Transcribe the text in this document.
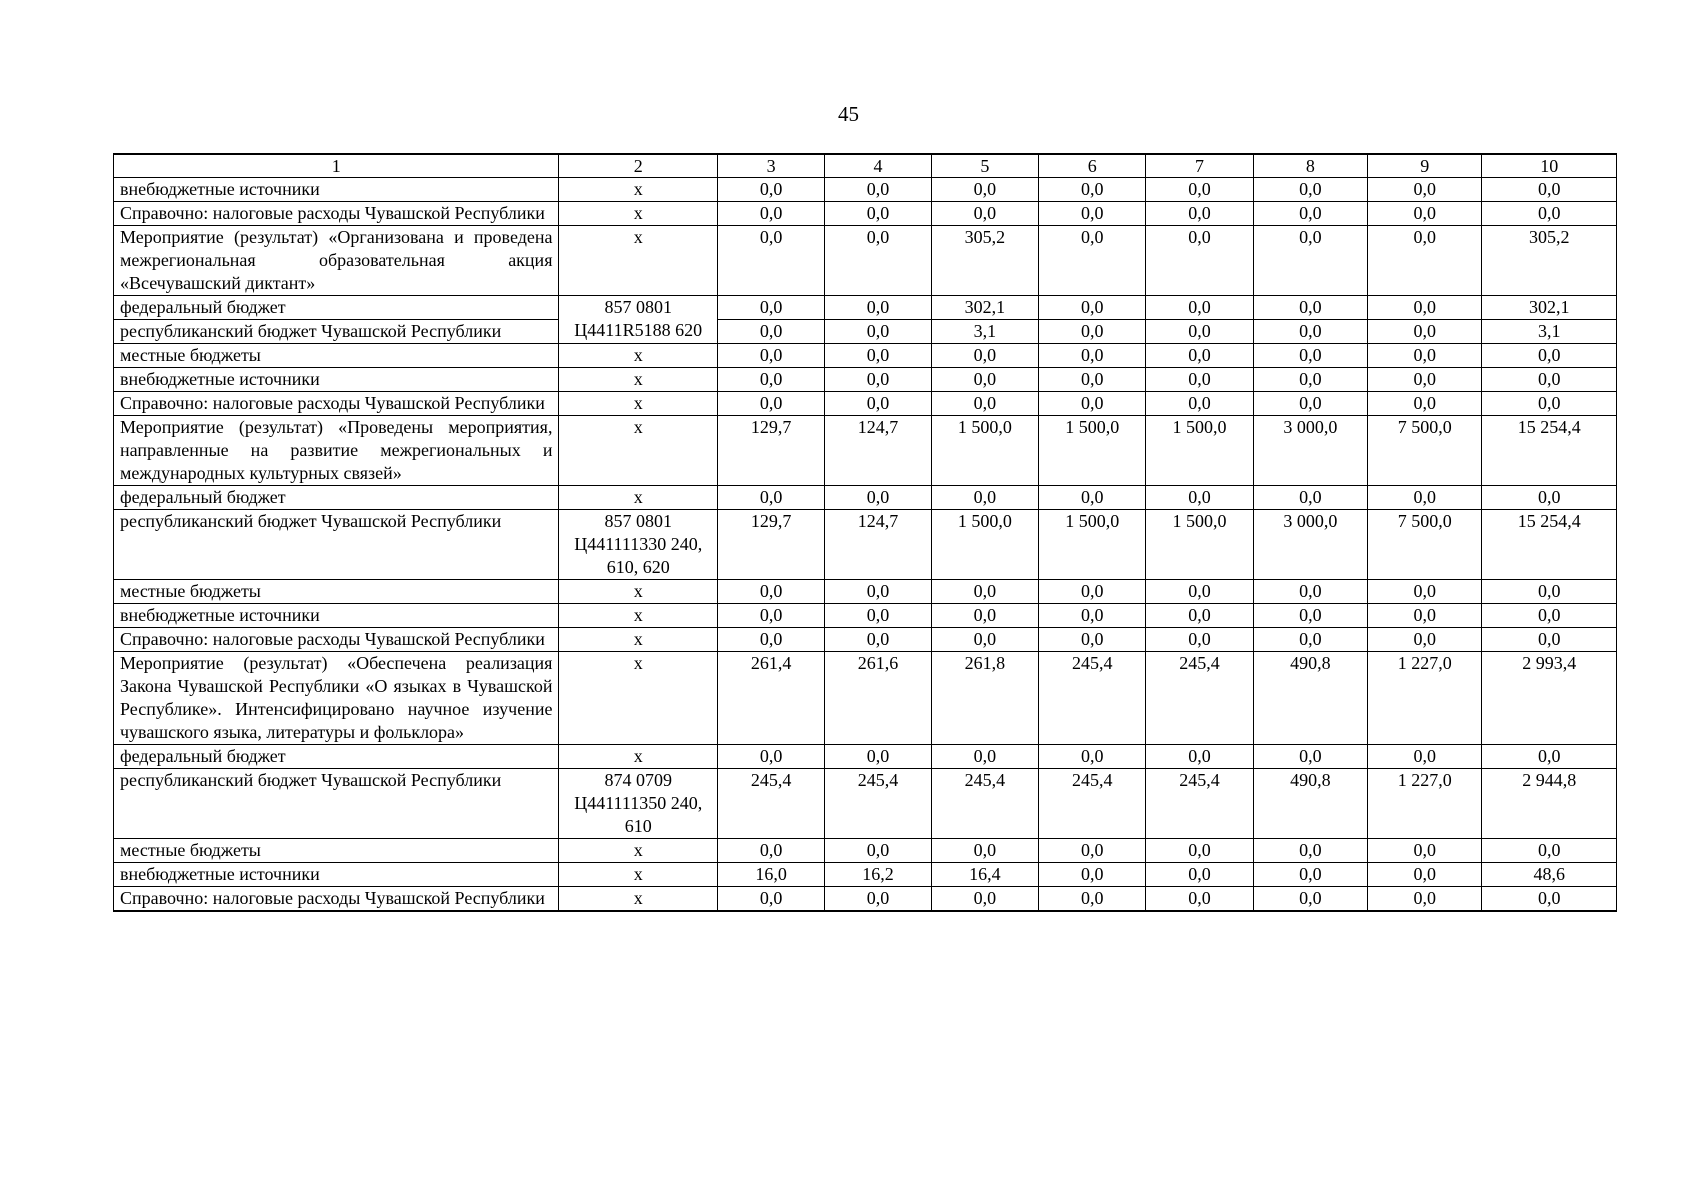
45
1	2	3	4	5	6	7	8	9	10
внебюджетные источники	х	0,0	0,0	0,0	0,0	0,0	0,0	0,0	0,0
Справочно: налоговые расходы Чувашской Республики	х	0,0	0,0	0,0	0,0	0,0	0,0	0,0	0,0
Мероприятие (результат) «Организована и проведена межрегиональная образовательная акция «Всечувашский диктант»	х	0,0	0,0	305,2	0,0	0,0	0,0	0,0	305,2
федеральный бюджет	857 0801 Ц4411R5188 620	0,0	0,0	302,1	0,0	0,0	0,0	0,0	302,1
республиканский бюджет Чувашской Республики		0,0	0,0	3,1	0,0	0,0	0,0	0,0	3,1
местные бюджеты	х	0,0	0,0	0,0	0,0	0,0	0,0	0,0	0,0
внебюджетные источники	х	0,0	0,0	0,0	0,0	0,0	0,0	0,0	0,0
Справочно: налоговые расходы Чувашской Республики	х	0,0	0,0	0,0	0,0	0,0	0,0	0,0	0,0
Мероприятие (результат) «Проведены мероприятия, направленные на развитие межрегиональных и международных культурных связей»	х	129,7	124,7	1 500,0	1 500,0	1 500,0	3 000,0	7 500,0	15 254,4
федеральный бюджет	х	0,0	0,0	0,0	0,0	0,0	0,0	0,0	0,0
республиканский бюджет Чувашской Республики	857 0801 Ц441111330 240, 610, 620	129,7	124,7	1 500,0	1 500,0	1 500,0	3 000,0	7 500,0	15 254,4
местные бюджеты	х	0,0	0,0	0,0	0,0	0,0	0,0	0,0	0,0
внебюджетные источники	х	0,0	0,0	0,0	0,0	0,0	0,0	0,0	0,0
Справочно: налоговые расходы Чувашской Республики	х	0,0	0,0	0,0	0,0	0,0	0,0	0,0	0,0
Мероприятие (результат) «Обеспечена реализация Закона Чувашской Республики «О языках в Чувашской Республике». Интенсифицировано научное изучение чувашского языка, литературы и фольклора»	х	261,4	261,6	261,8	245,4	245,4	490,8	1 227,0	2 993,4
федеральный бюджет	х	0,0	0,0	0,0	0,0	0,0	0,0	0,0	0,0
республиканский бюджет Чувашской Республики	874 0709 Ц441111350 240, 610	245,4	245,4	245,4	245,4	245,4	490,8	1 227,0	2 944,8
местные бюджеты	х	0,0	0,0	0,0	0,0	0,0	0,0	0,0	0,0
внебюджетные источники	х	16,0	16,2	16,4	0,0	0,0	0,0	0,0	48,6
Справочно: налоговые расходы Чувашской Республики	х	0,0	0,0	0,0	0,0	0,0	0,0	0,0	0,0
